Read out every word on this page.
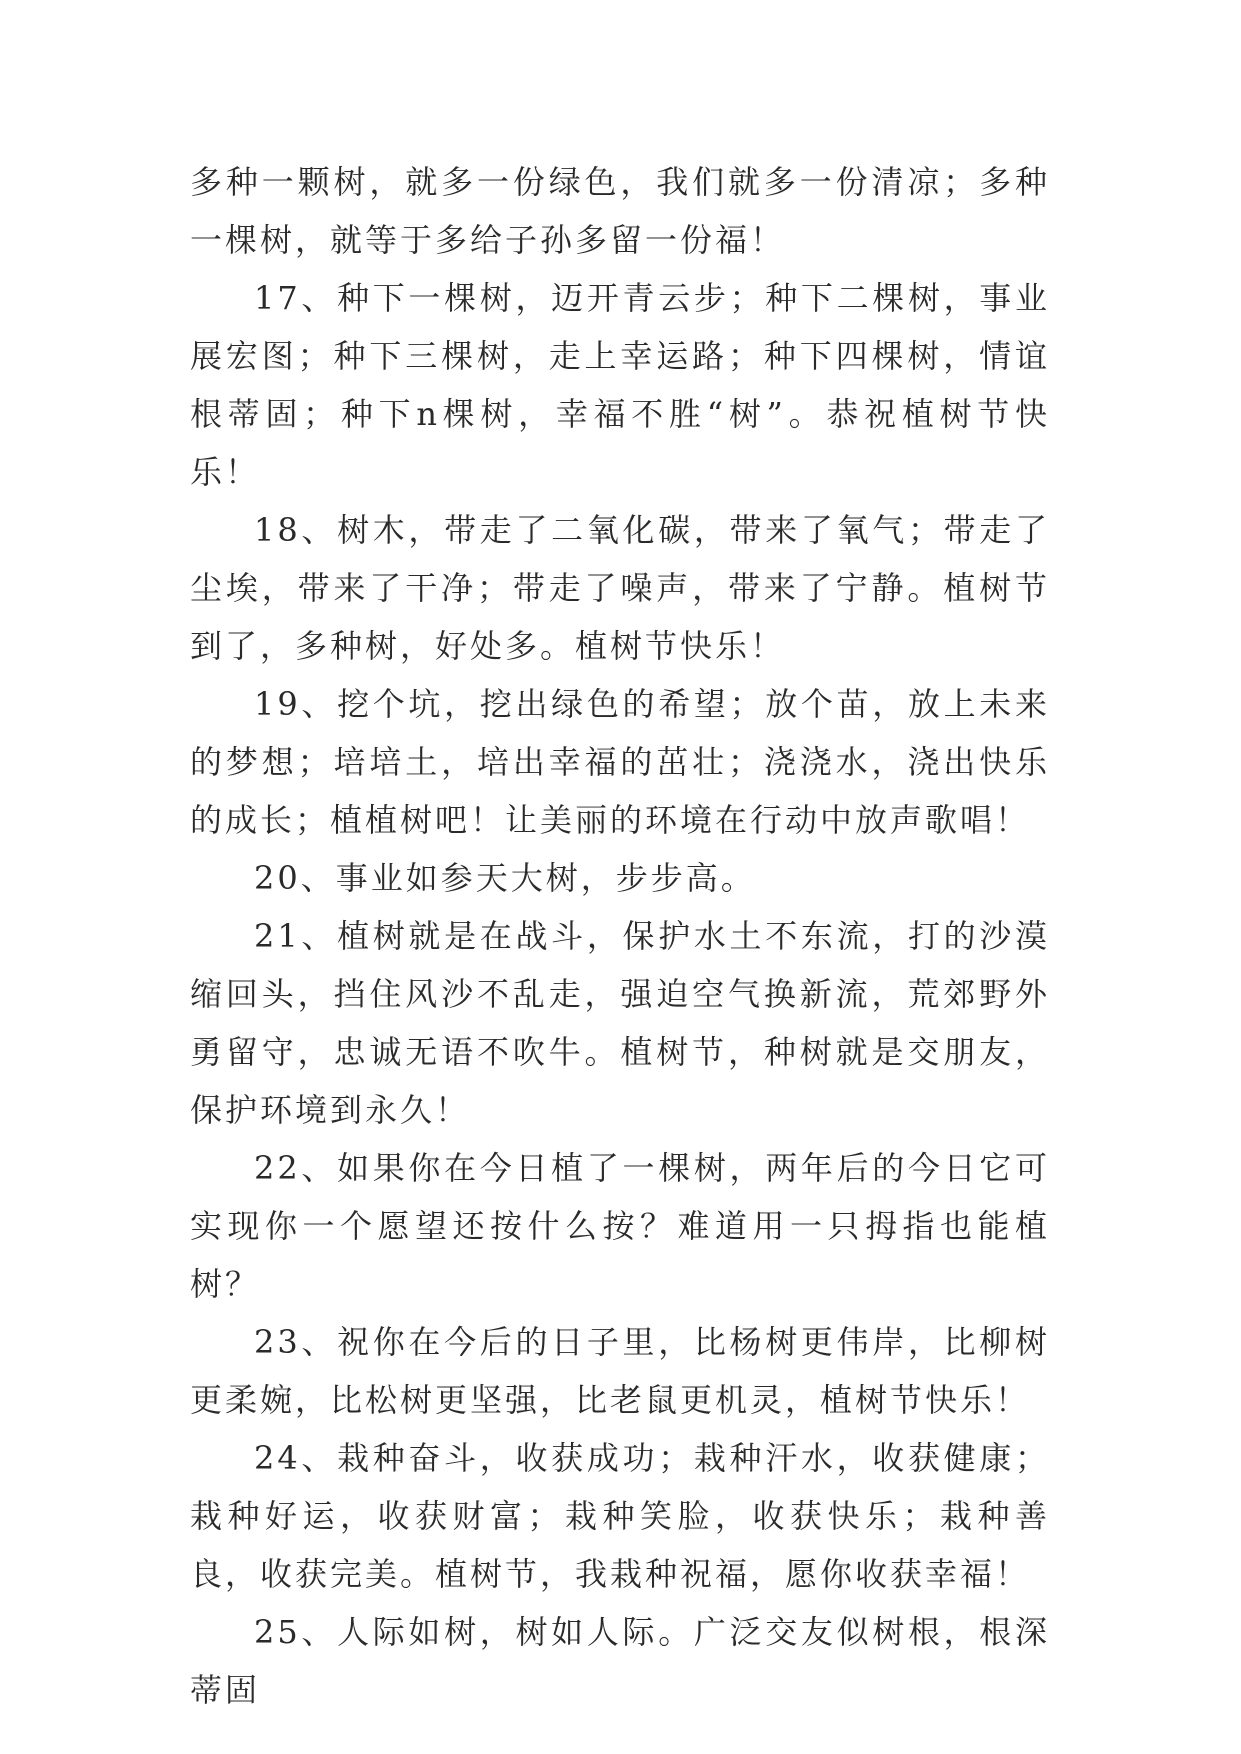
多种一颗树，就多一份绿色，我们就多一份清凉；多种一棵树，就等于多给子孙多留一份福！

17、种下一棵树，迈开青云步；种下二棵树，事业展宏图；种下三棵树，走上幸运路；种下四棵树，情谊根蒂固；种下n棵树，幸福不胜“树”。恭祝植树节快乐！

18、树木，带走了二氧化碳，带来了氧气；带走了尘埃，带来了干净；带走了噪声，带来了宁静。植树节到了，多种树，好处多。植树节快乐！

19、挖个坑，挖出绿色的希望；放个苗，放上未来的梦想；培培土，培出幸福的茁壮；浇浇水，浇出快乐的成长；植植树吧！让美丽的环境在行动中放声歌唱！

20、事业如参天大树，步步高。

21、植树就是在战斗，保护水土不东流，打的沙漠缩回头，挡住风沙不乱走，强迫空气换新流，荒郊野外勇留守，忠诚无语不吹牛。植树节，种树就是交朋友，保护环境到永久！

22、如果你在今日植了一棵树，两年后的今日它可实现你一个愿望还按什么按？难道用一只拇指也能植树？

23、祝你在今后的日子里，比杨树更伟岸，比柳树更柔婉，比松树更坚强，比老鼠更机灵，植树节快乐！

24、栽种奋斗，收获成功；栽种汗水，收获健康；栽种好运，收获财富；栽种笑脸，收获快乐；栽种善良，收获完美。植树节，我栽种祝福，愿你收获幸福！

25、人际如树，树如人际。广泛交友似树根，根深蒂固
